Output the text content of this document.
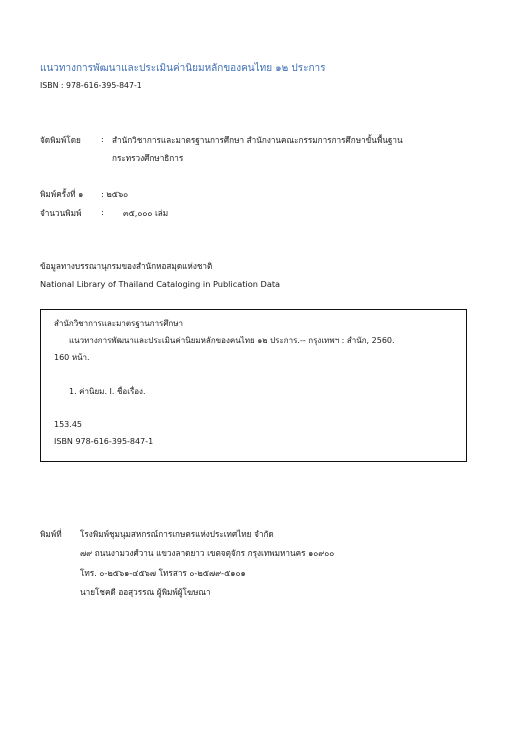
แนวทางการพัฒนาและประเมินค่านิยมหลักของคนไทย ๑๒ ประการ
ISBN : 978-616-395-847-1
จัดพิมพ์โดย : สำนักวิชาการและมาตรฐานการศึกษา สำนักงานคณะกรรมการการศึกษาขั้นพื้นฐาน
กระทรวงศึกษาธิการ
พิมพ์ครั้งที่ ๑ : ๒๕๖๐
จำนวนพิมพ์ : ๓๕,๐๐๐ เล่ม
ข้อมูลทางบรรณานุกรมของสำนักหอสมุดแห่งชาติ
National Library of Thailand Cataloging in Publication Data
สำนักวิชาการและมาตรฐานการศึกษา
แนวทางการพัฒนาและประเมินค่านิยมหลักของคนไทย ๑๒ ประการ.-- กรุงเทพฯ : สำนัก, 2560.
160 หน้า.
1. ค่านิยม. I. ชื่อเรื่อง.
153.45
ISBN 978-616-395-847-1
พิมพ์ที่ โรงพิมพ์ชุมนุมสหกรณ์การเกษตรแห่งประเทศไทย จำกัด
๗๙ ถนนงามวงศ์วาน แขวงลาดยาว เขตจตุจักร กรุงเทพมหานคร ๑๐๙๐๐
โทร. ๐-๒๕๖๑-๔๕๖๗ โทรสาร ๐-๒๕๗๙-๕๑๐๑
นายโชคดี ออสุวรรณ ผู้พิมพ์ผู้โฆษณา
